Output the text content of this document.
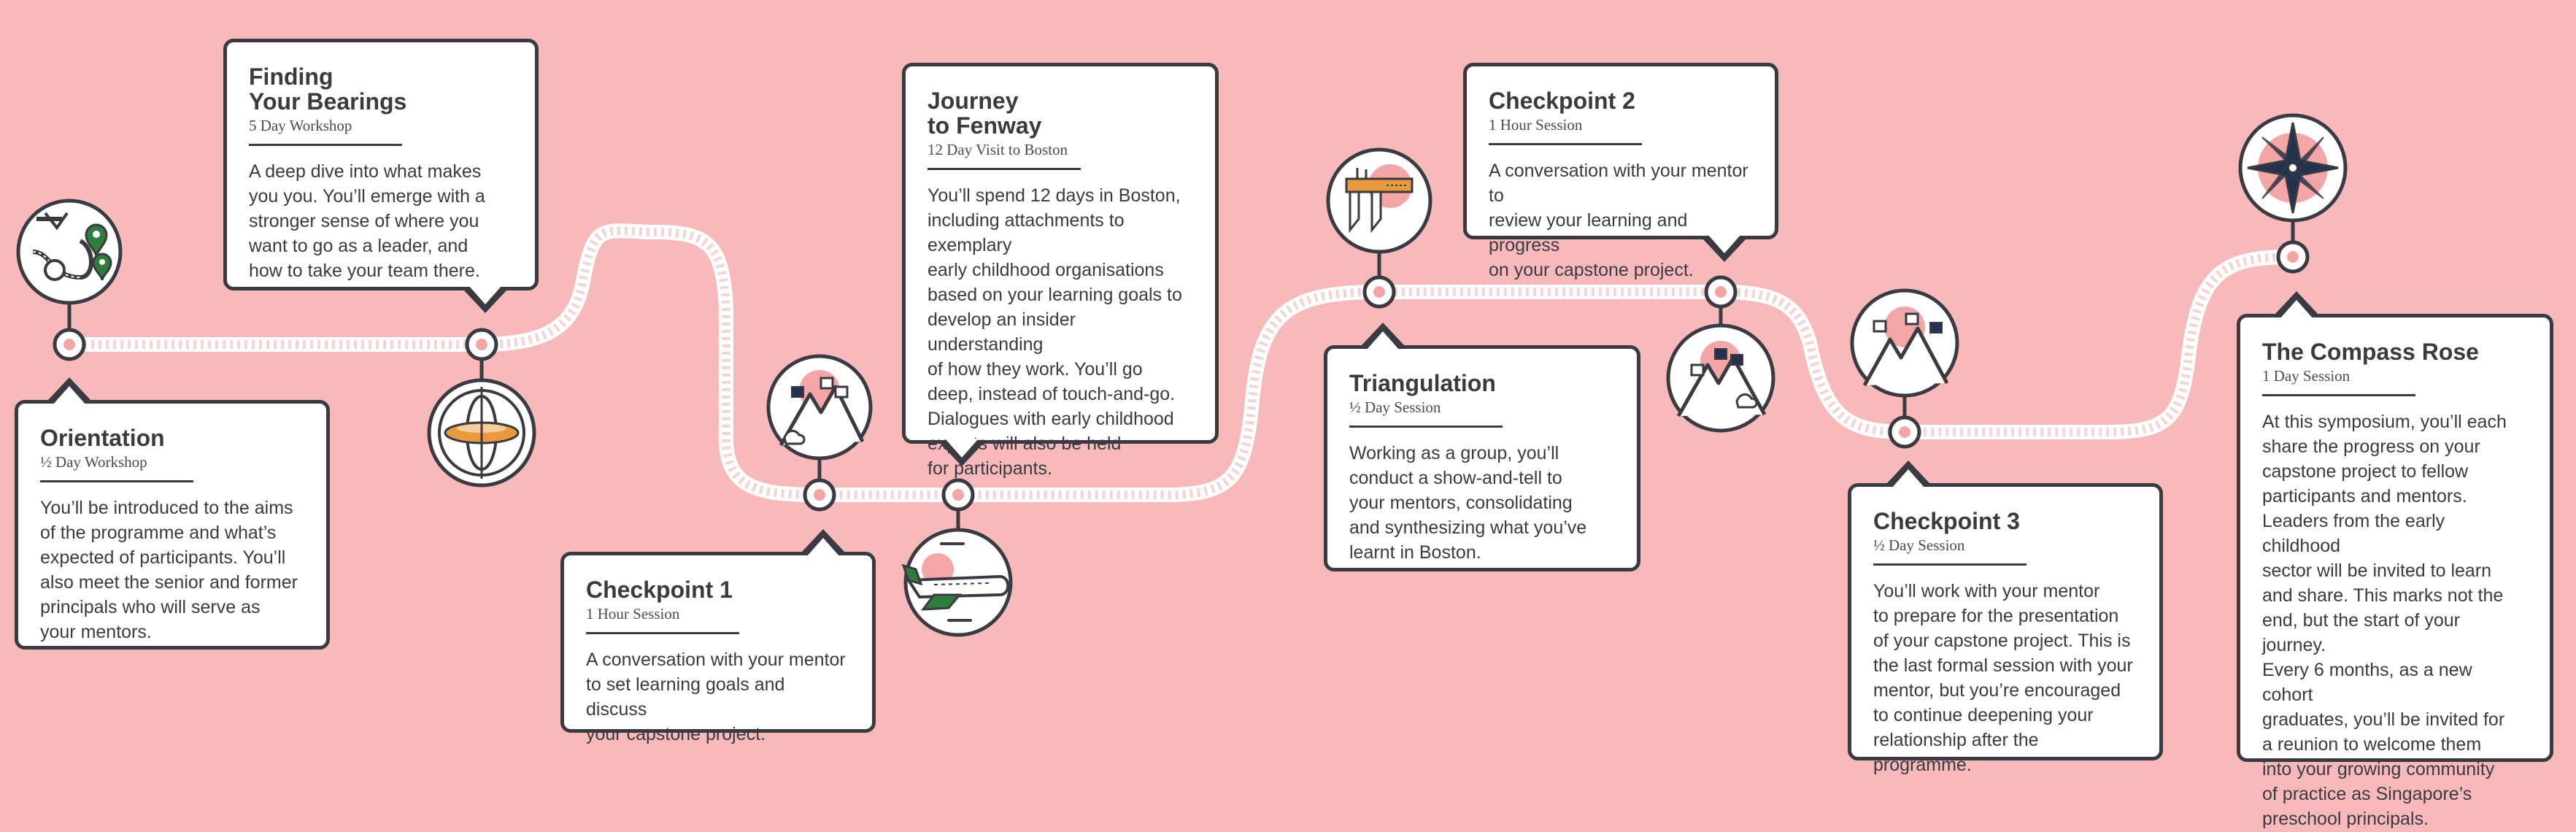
Orientation
½ Day Workshop

You’ll be introduced to the aims
of the programme and what’s
expected of participants. You’ll
also meet the senior and former
principals who will serve as
your mentors.

Finding
Your Bearings
5 Day Workshop

A deep dive into what makes
you you. You’ll emerge with a
stronger sense of where you
want to go as a leader, and
how to take your team there.

Checkpoint 1
1 Hour Session

A conversation with your mentor
to set learning goals and discuss
your capstone project.

Journey
to Fenway
12 Day Visit to Boston

You’ll spend 12 days in Boston,
including attachments to exemplary
early childhood organisations
based on your learning goals to
develop an insider understanding
of how they work. You’ll go
deep, instead of touch-and-go.
Dialogues with early childhood
experts will also be held
for participants.

Triangulation
½ Day Session

Working as a group, you’ll
conduct a show-and-tell to
your mentors, consolidating
and synthesizing what you’ve
learnt in Boston.

Checkpoint 2
1 Hour Session

A conversation with your mentor to
review your learning and progress
on your capstone project.

Checkpoint 3
½ Day Session

You’ll work with your mentor
to prepare for the presentation
of your capstone project. This is
the last formal session with your
mentor, but you’re encouraged
to continue deepening your
relationship after the programme.

The Compass Rose
1 Day Session

At this symposium, you’ll each
share the progress on your
capstone project to fellow
participants and mentors.
Leaders from the early childhood
sector will be invited to learn
and share. This marks not the
end, but the start of your journey.
Every 6 months, as a new cohort
graduates, you’ll be invited for
a reunion to welcome them
into your growing community
of practice as Singapore’s
preschool principals.
